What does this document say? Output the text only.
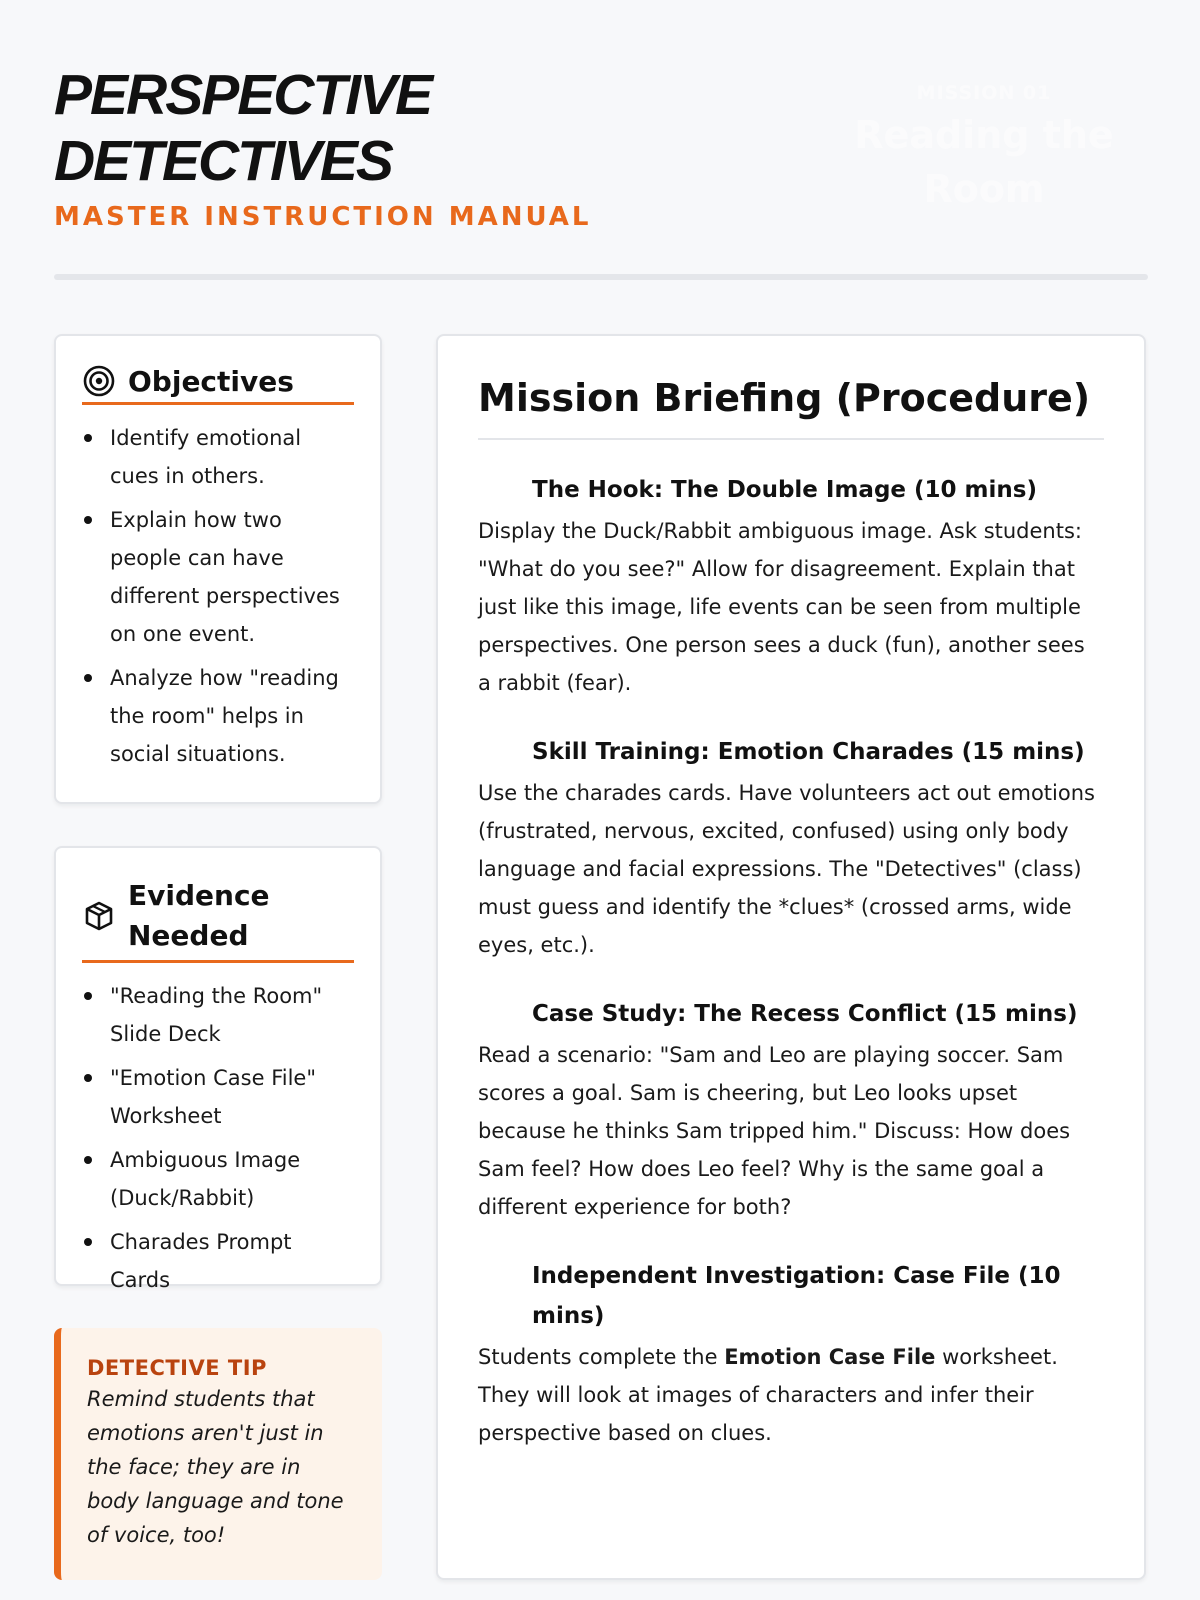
PERSPECTIVE
DETECTIVES
MASTER INSTRUCTION MANUAL
MISSION 01
Reading the Room
Objectives
Identify emotional cues in others.
Explain how two people can have different perspectives on one event.
Analyze how "reading the room" helps in social situations.
Evidence Needed
"Reading the Room" Slide Deck
"Emotion Case File" Worksheet
Ambiguous Image (Duck/Rabbit)
Charades Prompt Cards
DETECTIVE TIP
Remind students that emotions aren't just in the face; they are in body language and tone of voice, too!
Mission Briefing (Procedure)
The Hook: The Double Image (10 mins)

Display the Duck/Rabbit ambiguous image. Ask students: "What do you see?" Allow for disagreement. Explain that just like this image, life events can be seen from multiple perspectives. One person sees a duck (fun), another sees a rabbit (fear).

Skill Training: Emotion Charades (15 mins)

Use the charades cards. Have volunteers act out emotions (frustrated, nervous, excited, confused) using only body language and facial expressions. The "Detectives" (class) must guess and identify the *clues* (crossed arms, wide eyes, etc.).

Case Study: The Recess Conflict (15 mins)

Read a scenario: "Sam and Leo are playing soccer. Sam scores a goal. Sam is cheering, but Leo looks upset because he thinks Sam tripped him." Discuss: How does Sam feel? How does Leo feel? Why is the same goal a different experience for both?

Independent Investigation: Case File (10 mins)

Students complete the Emotion Case File worksheet. They will look at images of characters and infer their perspective based on clues.
